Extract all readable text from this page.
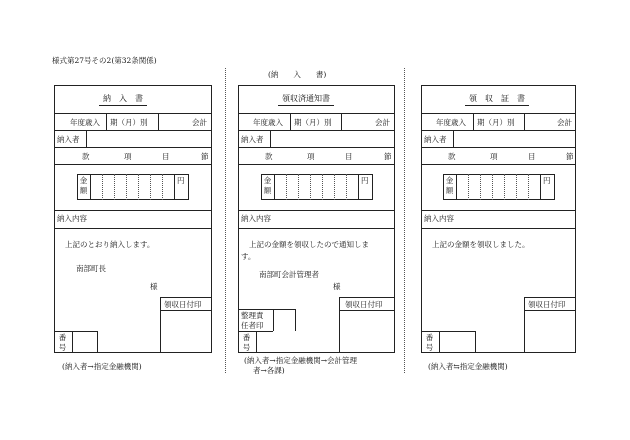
様式第27号その2(第32条関係)
(納　　入　　書)
納　入　書
年度歳入 期（月）別	会計
納入者
款	項	目	節
金額
円
納入内容
上記のとおり納入します。
南部町長
様
領収日付印
番号
(納入者→指定金融機関)
領収済通知書
年度歳入 期（月）別	会計
納入者
款	項	目	節
金額
円
納入内容
上記の金額を領収したので通知しま
す。
南部町会計管理者
様
領収日付印
整理責
任者印
番号
(納入者→指定金融機関→会計管理
者→各課)
領　収　証　書
年度歳入 期（月）別	会計
納入者
款	項	目	節
金額
円
納入内容
上記の金額を領収しました。
領収日付印
番号
(納入者⇆指定金融機関)
